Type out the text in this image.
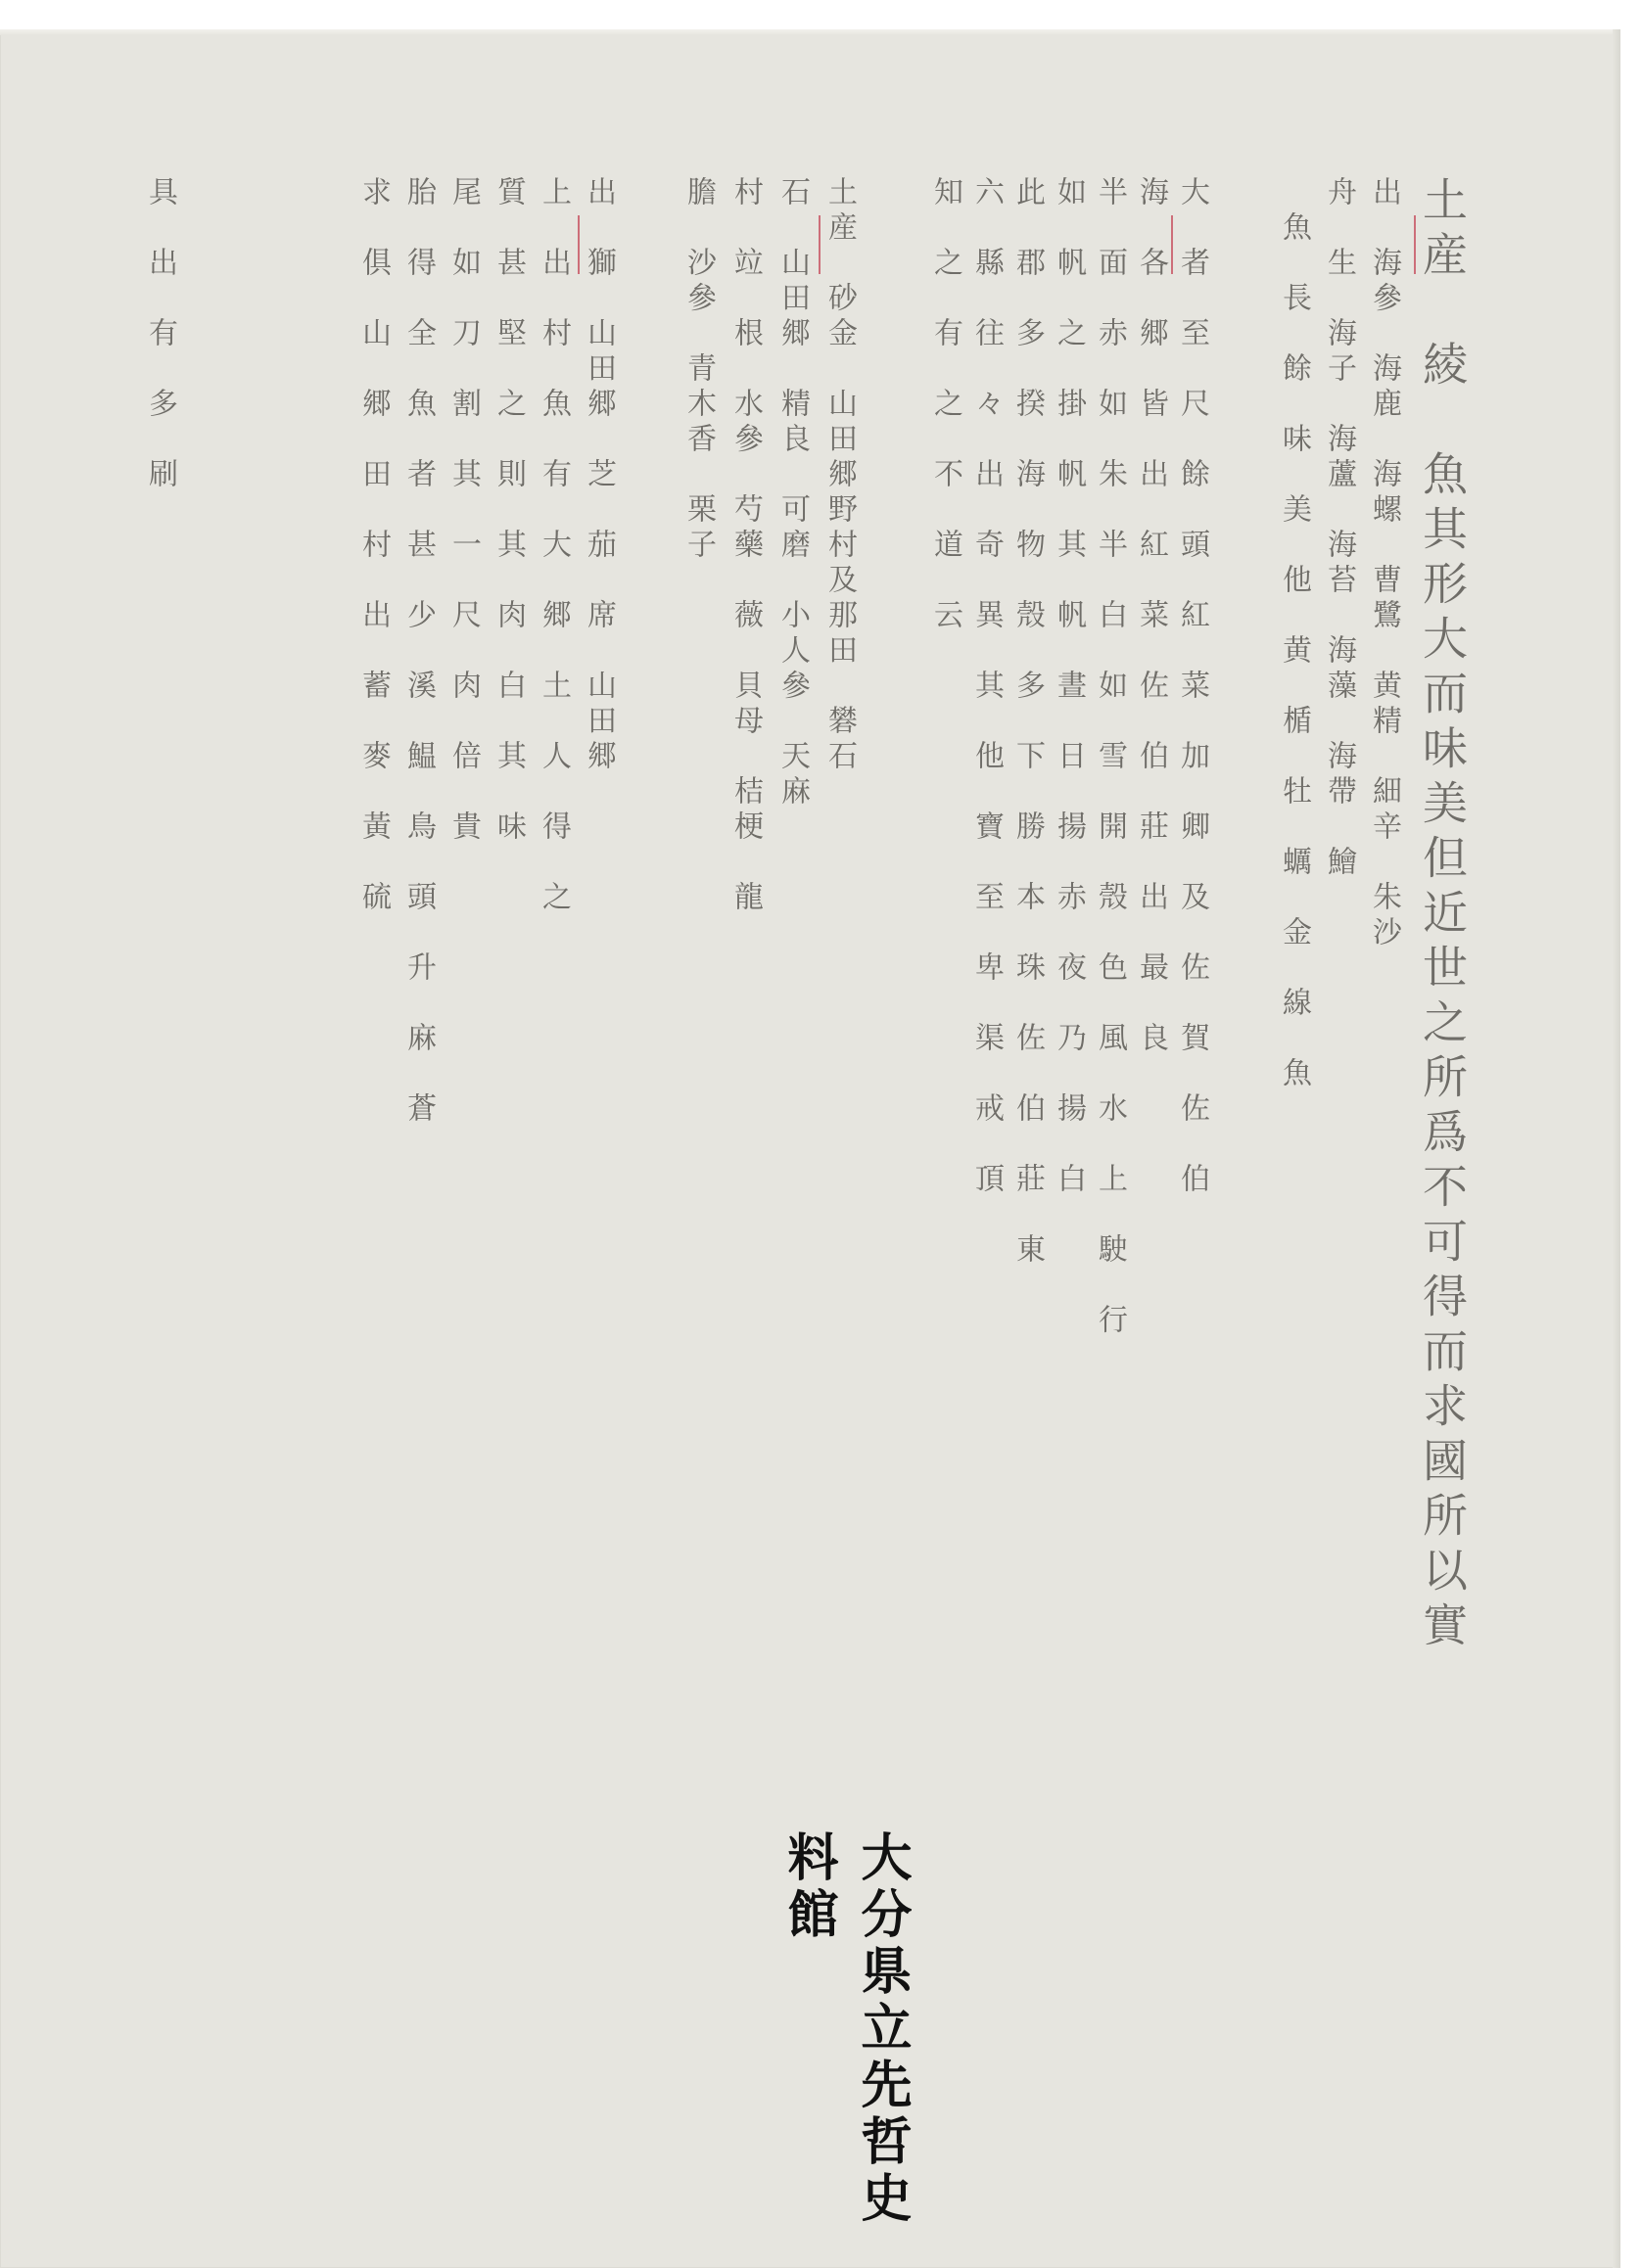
土産　綾　魚其形大而味美但近世之所爲不可得而求國所以實
出　海參　海鹿　海螺　曹鷺　黄精　細辛　朱沙
舟　生　海子　海蘆　海苔　海藻　海帶　鱠
　魚　長　餘　味　美　他　黄　楯　牡　蠣　金　線　魚
大　者　至　尺　餘　頭　紅　菜　加　卿　及　佐　賀　佐　伯
海　各　郷　皆　出　紅　菜　佐　伯　莊　出　最　良
半　面　赤　如　朱　半　白　如　雪　開　殼　色　風　水　上　駛　行
如　帆　之　掛　帆　其　帆　晝　日　揚　赤　夜　乃　揚　白
此　郡　多　揆　海　物　殼　多　下　勝　本　珠　佐　伯　莊　東
六　縣　往　々　出　奇　異　其　他　寶　至　卑　渠　戒　頂
知　之　有　之　不　道　云
土産　砂金　山田郷野村及那田　礬石
石　山田郷　精良　可磨　小人參　天麻
村　竝　根　水參　芍藥　薇　貝母　桔梗　龍
膽　沙參　青木香　栗子
出　獅　山田郷　芝　茄　席　山田郷
上　出　村　魚　有　大　郷　土　人　得　之
質　甚　堅　之　則　其　肉　白　其　味
尾　如　刀　割　其　一　尺　肉　倍　貴
胎　得　全　魚　者　甚　少　溪　鰛　鳥　頭　升　麻　蒼
求　俱　山　郷　田　村　出　蓄　麥　黃　硫
具　出　有　多　刷
大分県立先哲史料館
